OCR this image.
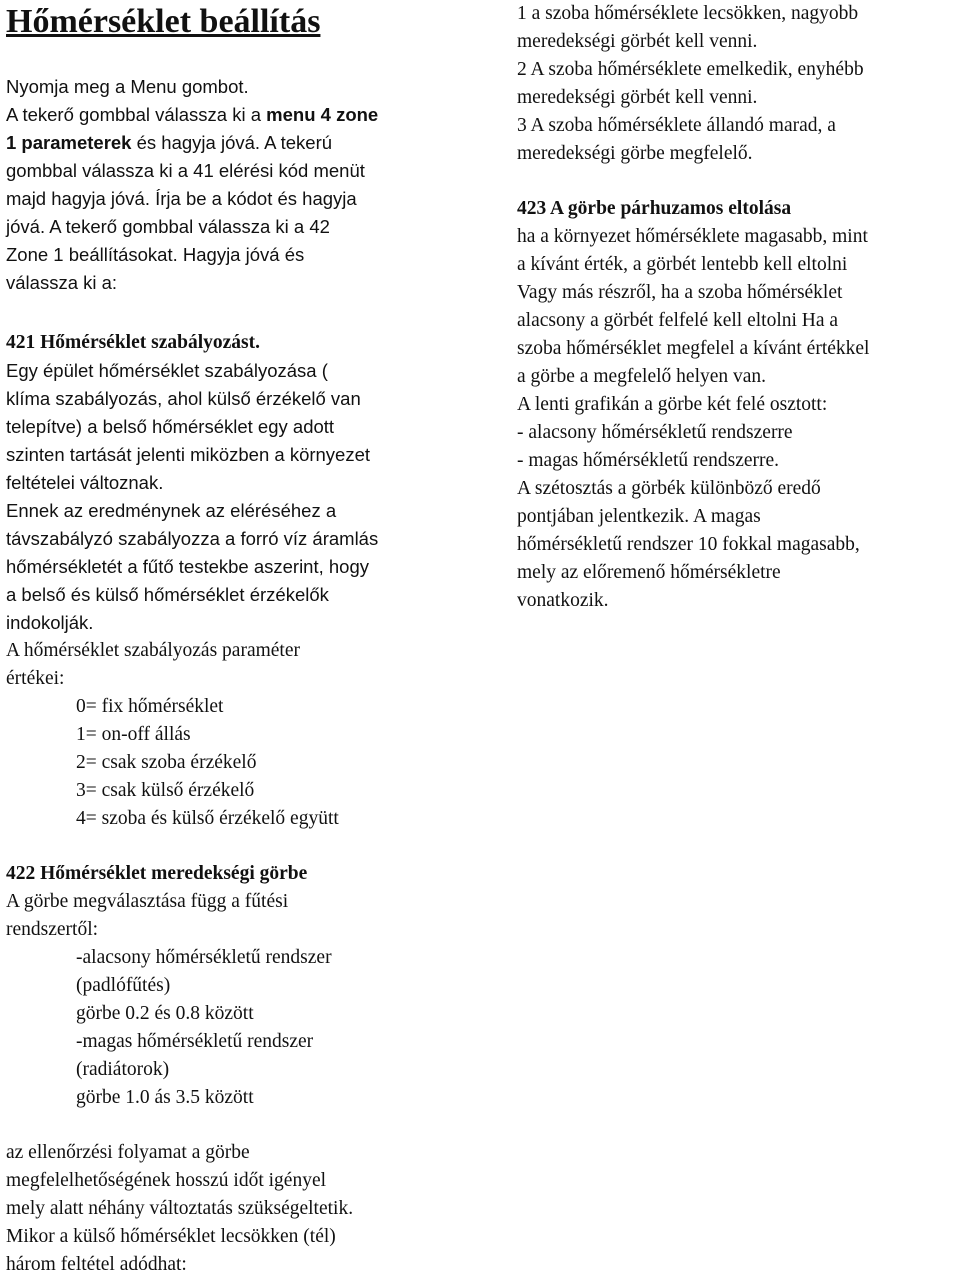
Hőmérséklet beállítás

Nyomja meg a Menu gombot.
A tekerő gombbal válassza ki a menu 4 zone
1 parameterek és hagyja jóvá. A tekerú
gombbal válassza ki a 41 elérési kód menüt
majd hagyja jóvá. Írja be a kódot és hagyja
jóvá. A tekerő gombbal válassza ki a 42
Zone 1 beállításokat. Hagyja jóvá és
válassza ki a:

421 Hőmérséklet szabályozást.

Egy épület hőmérséklet szabályozása (
klíma szabályozás, ahol külső érzékelő van
telepítve) a belső hőmérséklet egy adott
szinten tartását jelenti miközben a környezet
feltételei változnak.

Ennek az eredménynek az eléréséhez a
távszabályzó szabályozza a forró víz áramlás
hőmérsékletét a fűtő testekbe aszerint, hogy
a belső és külső hőmérséklet érzékelők
indokolják.

A hőmérséklet szabályozás paraméter
értékei:

0= fix hőmérséklet
1= on-off állás
2= csak szoba érzékelő
3= csak külső érzékelő
4= szoba és külső érzékelő együtt
422 Hőmérséklet meredekségi görbe

A görbe megválasztása függ a fűtési
rendszertől:

-alacsony hőmérsékletű rendszer
(padlófűtés)
görbe 0.2 és 0.8 között
-magas hőmérsékletű rendszer
(radiátorok)
görbe 1.0 ás 3.5 között

az ellenőrzési folyamat a görbe
megfelelhetőségének hosszú időt igényel
mely alatt néhány változtatás szükségeltetik.
Mikor a külső hőmérséklet lecsökken (tél)
három feltétel adódhat:

1 a szoba hőmérséklete lecsökken, nagyobb
meredekségi görbét kell venni.
2 A szoba hőmérséklete emelkedik, enyhébb
meredekségi görbét kell venni.
3 A szoba hőmérséklete állandó marad, a
meredekségi görbe megfelelő.

423 A görbe párhuzamos eltolása

ha a környezet hőmérséklete magasabb, mint
a kívánt érték, a görbét lentebb kell eltolni
Vagy más részről, ha a szoba hőmérséklet
alacsony a görbét felfelé kell eltolni Ha a
szoba hőmérséklet megfelel a kívánt értékkel
a görbe a megfelelő helyen van.
A lenti grafikán a görbe két felé osztott:
- alacsony hőmérsékletű rendszerre
- magas hőmérsékletű rendszerre.
A szétosztás a görbék különböző eredő
pontjában jelentkezik. A magas
hőmérsékletű rendszer 10 fokkal magasabb,
mely az előremenő hőmérsékletre
vonatkozik.
